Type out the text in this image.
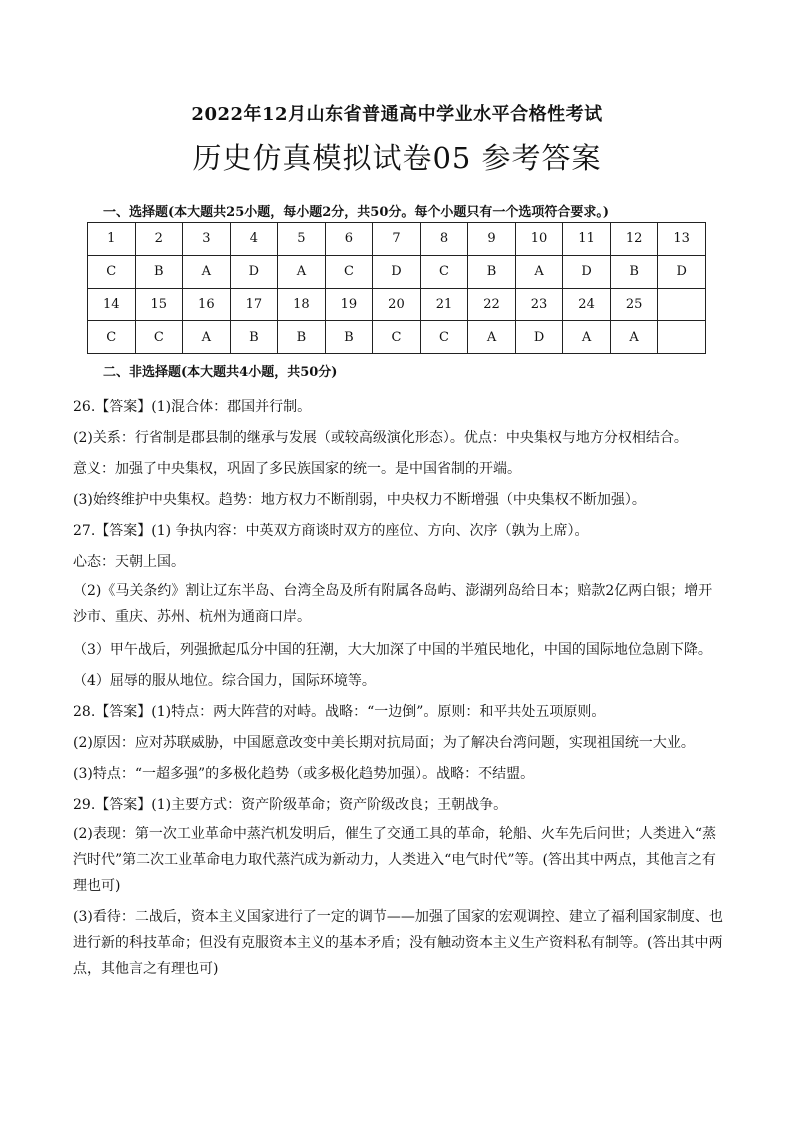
2022年12月山东省普通高中学业水平合格性考试
历史仿真模拟试卷05 参考答案
一、选择题(本大题共25小题，每小题2分，共50分。每个小题只有一个选项符合要求。)
1	2	3	4	5	6	7	8	9	10	11	12	13
C	B	A	D	A	C	D	C	B	A	D	B	D
14	15	16	17	18	19	20	21	22	23	24	25	
C	C	A	B	B	B	C	C	A	D	A	A	
二、非选择题(本大题共4小题，共50分)
26.【答案】(1)混合体：郡国并行制。
(2)关系：行省制是郡县制的继承与发展（或较高级演化形态）。优点：中央集权与地方分权相结合。
意义：加强了中央集权，巩固了多民族国家的统一。是中国省制的开端。
(3)始终维护中央集权。趋势：地方权力不断削弱，中央权力不断增强（中央集权不断加强）。
27.【答案】(1) 争执内容：中英双方商谈时双方的座位、方向、次序（孰为上席）。
心态：天朝上国。
（2)《马关条约》割让辽东半岛、台湾全岛及所有附属各岛屿、澎湖列岛给日本；赔款2亿两白银；增开沙市、重庆、苏州、杭州为通商口岸。
（3）甲午战后，列强掀起瓜分中国的狂潮，大大加深了中国的半殖民地化，中国的国际地位急剧下降。
（4）屈辱的服从地位。综合国力，国际环境等。
28.【答案】(1)特点：两大阵营的对峙。战略：“一边倒”。原则：和平共处五项原则。
(2)原因：应对苏联威胁，中国愿意改变中美长期对抗局面；为了解决台湾问题，实现祖国统一大业。
(3)特点：“一超多强”的多极化趋势（或多极化趋势加强）。战略：不结盟。
29.【答案】(1)主要方式：资产阶级革命；资产阶级改良；王朝战争。
(2)表现：第一次工业革命中蒸汽机发明后，催生了交通工具的革命，轮船、火车先后问世；人类进入“蒸汽时代”第二次工业革命电力取代蒸汽成为新动力，人类进入“电气时代”等。(答出其中两点，其他言之有理也可)
(3)看待：二战后，资本主义国家进行了一定的调节——加强了国家的宏观调控、建立了福利国家制度、也进行新的科技革命；但没有克服资本主义的基本矛盾；没有触动资本主义生产资料私有制等。(答出其中两点，其他言之有理也可)
